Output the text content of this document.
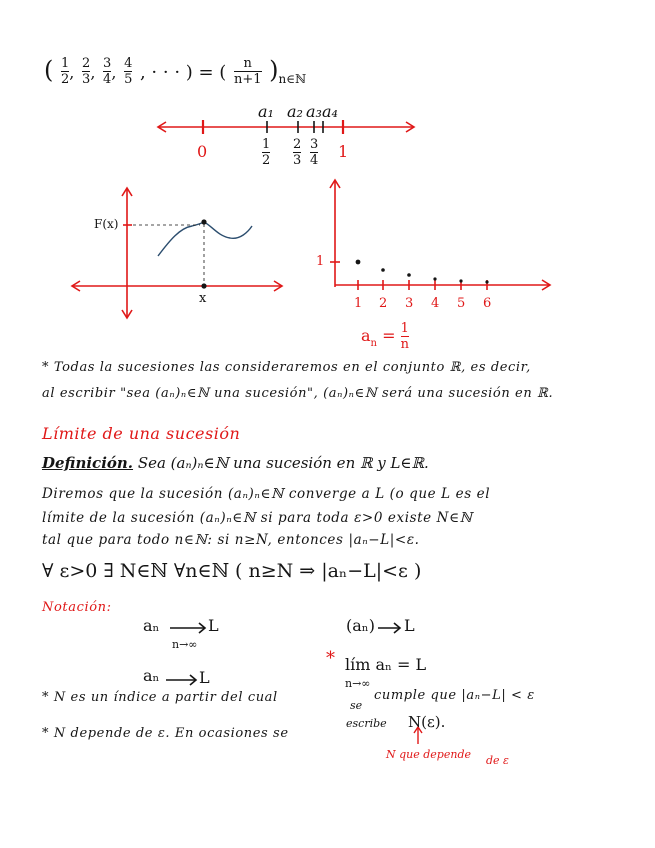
( $\frac{1}{2}$ , $\frac{2}{3}$ , $\frac{3}{4}$ , $\frac{4}{5}$ , · · · ) = ( $\frac{n}{n+1} )_{n\in ℕ}$
a₁ a₂ a₃ a₄
0	1
$\frac{1}{2} \frac{2}{3} \frac{3}{4}$
F(x)
x
1
1 2 3 4 5 6
$a_n = \frac{1}{n}$
* Todas la sucesiones las consideraremos en el conjunto ℝ, es decir,
al escribir "sea (aₙ)ₙ∈ℕ una sucesión", (aₙ)ₙ∈ℕ será una sucesión en ℝ.
Límite de una sucesión
Definición. Sea (aₙ)ₙ∈ℕ una sucesión en ℝ y L∈ℝ.
Diremos que la sucesión (aₙ)ₙ∈ℕ converge a L (o que L es el
límite de la sucesión (aₙ)ₙ∈ℕ si para toda ε>0 existe N∈ℕ
tal que para todo n∈ℕ: si n≥N, entonces |aₙ−L|<ε.
∀ ε>0 ∃ N∈ℕ ∀n∈ℕ ( n≥N ⇒ |aₙ−L|<ε )
Notación:
aₙ	L
n→∞
(aₙ) L
aₙ L
* lím aₙ = L
n→∞
* N es un índice a partir del cual
se
cumple que |aₙ−L| < ε
* N depende de ε. En ocasiones se
escribe N(ε).
N que depende de ε
